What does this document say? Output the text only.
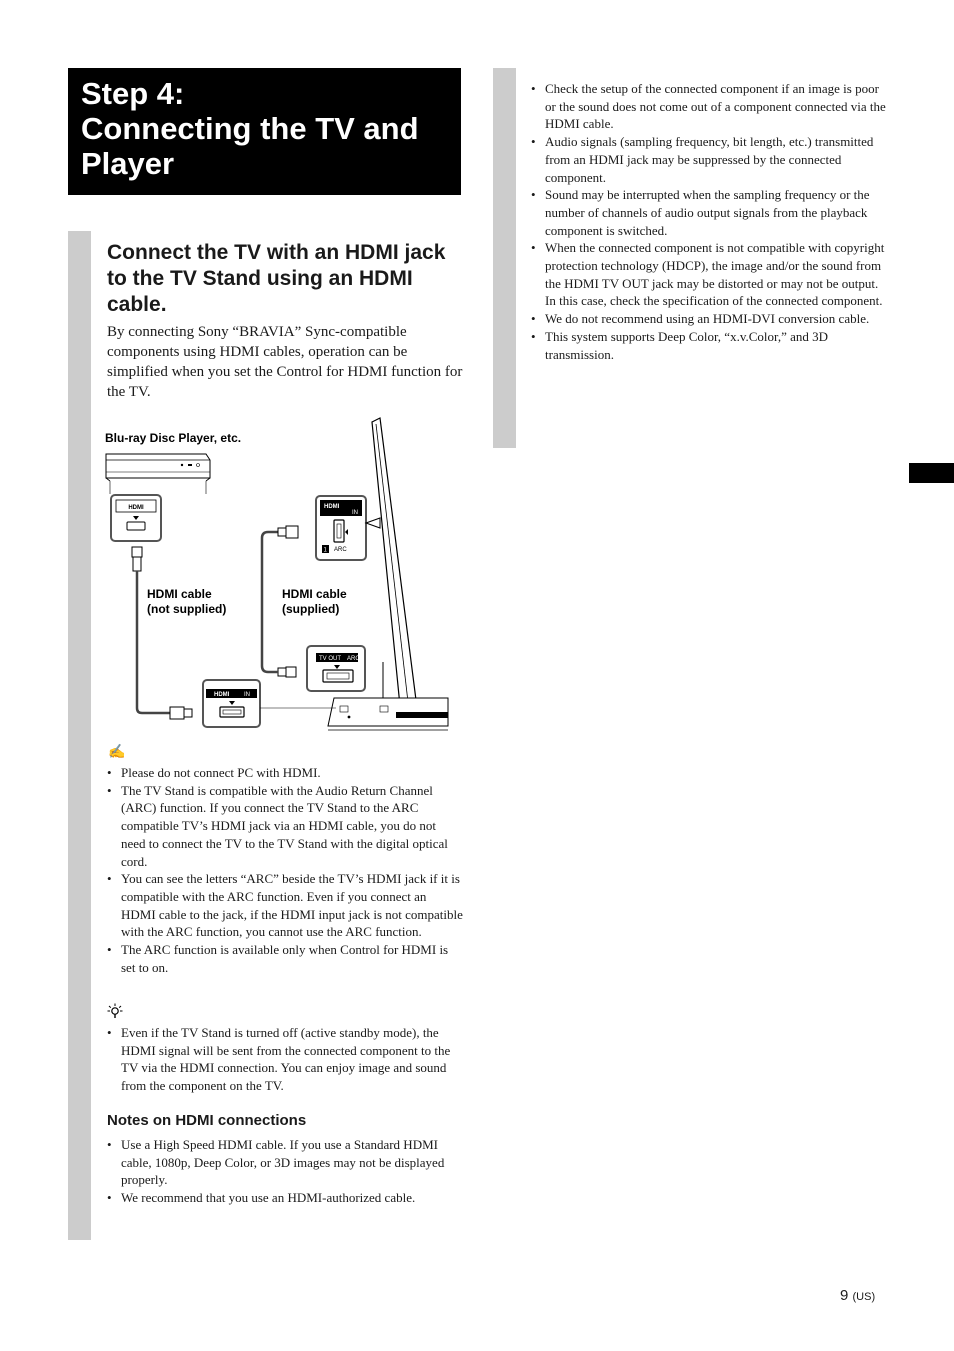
Step 4:
Connecting the TV and
Player
Connect the TV with an HDMI jack to the TV Stand using an HDMI cable.

By connecting Sony “BRAVIA” Sync-compatible components using HDMI cables, operation can be simplified when you set the Control for HDMI function for the TV.

Blu-ray Disc Player, etc.
HDMI
HDMI cable
(not supplied)
HDMI cable
(supplied)
HDMI IN
HDMI
IN
1 ARC
TV OUT ARC
✍
• Please do not connect PC with HDMI.
• The TV Stand is compatible with the Audio Return Channel (ARC) function. If you connect the TV Stand to the ARC compatible TV’s HDMI jack via an HDMI cable, you do not need to connect the TV to the TV Stand with the digital optical cord.
• You can see the letters “ARC” beside the TV’s HDMI jack if it is compatible with the ARC function. Even if you connect an HDMI cable to the jack, if the HDMI input jack is not compatible with the ARC function, you cannot use the ARC function.
• The ARC function is available only when Control for HDMI is set to on.
• Even if the TV Stand is turned off (active standby mode), the HDMI signal will be sent from the connected component to the TV via the HDMI connection. You can enjoy image and sound from the component on the TV.
Notes on HDMI connections
• Use a High Speed HDMI cable. If you use a Standard HDMI cable, 1080p, Deep Color, or 3D images may not be displayed properly.
• We recommend that you use an HDMI-authorized cable.
• Check the setup of the connected component if an image is poor or the sound does not come out of a component connected via the HDMI cable.
• Audio signals (sampling frequency, bit length, etc.) transmitted from an HDMI jack may be suppressed by the connected component.
• Sound may be interrupted when the sampling frequency or the number of channels of audio output signals from the playback component is switched.
• When the connected component is not compatible with copyright protection technology (HDCP), the image and/or the sound from the HDMI TV OUT jack may be distorted or may not be output.
In this case, check the specification of the connected component.
• We do not recommend using an HDMI-DVI conversion cable.
• This system supports Deep Color, “x.v.Color,” and 3D transmission.
9 (US)
